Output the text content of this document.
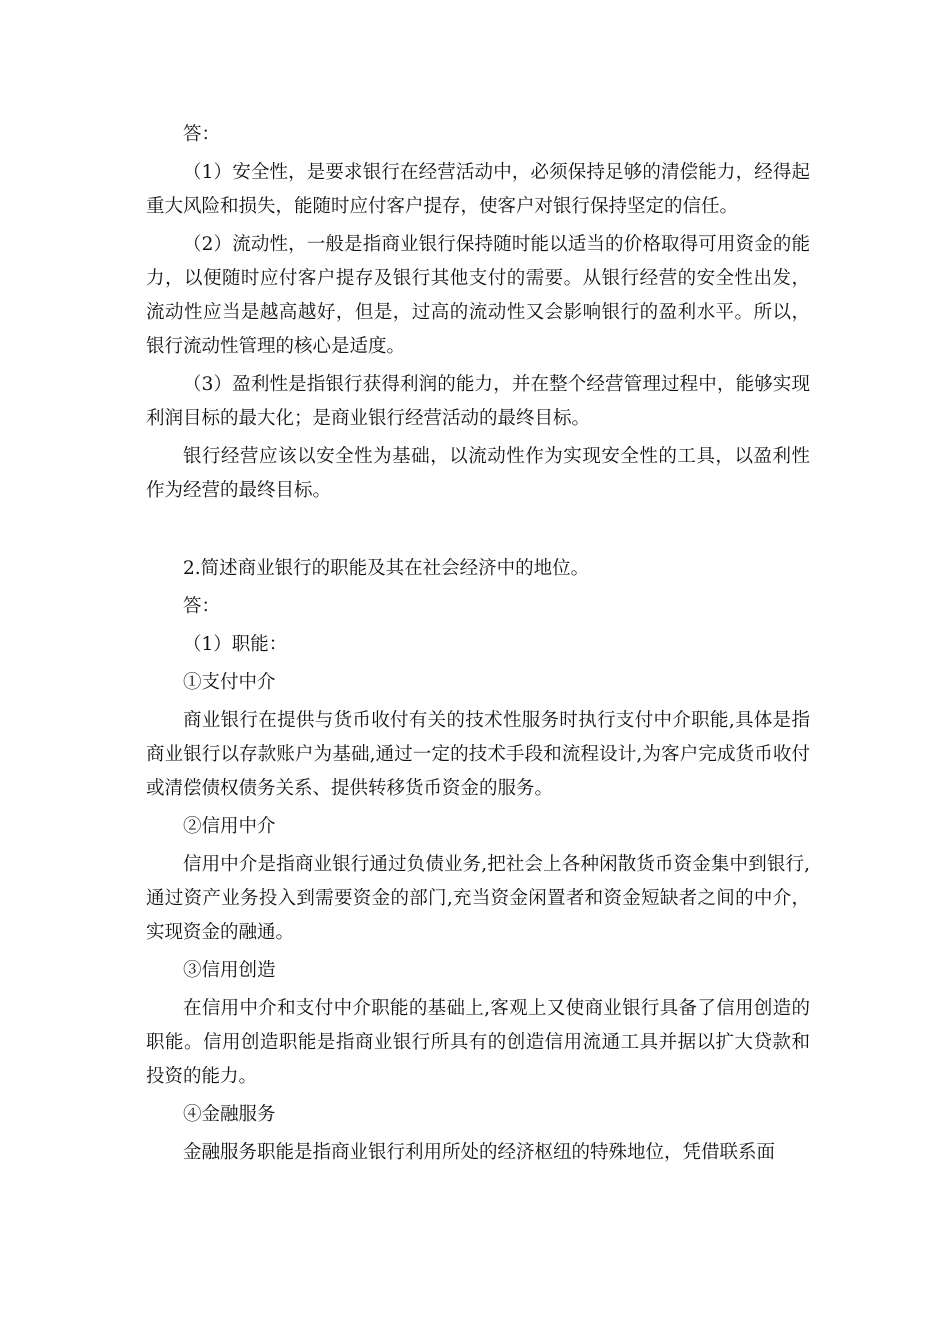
答：

（1）安全性，是要求银行在经营活动中，必须保持足够的清偿能力，经得起重大风险和损失，能随时应付客户提存，使客户对银行保持坚定的信任。

（2）流动性，一般是指商业银行保持随时能以适当的价格取得可用资金的能力，以便随时应付客户提存及银行其他支付的需要。从银行经营的安全性出发，流动性应当是越高越好，但是，过高的流动性又会影响银行的盈利水平。所以，银行流动性管理的核心是适度。

（3）盈利性是指银行获得利润的能力，并在整个经营管理过程中，能够实现利润目标的最大化；是商业银行经营活动的最终目标。

银行经营应该以安全性为基础，以流动性作为实现安全性的工具，以盈利性作为经营的最终目标。

2.简述商业银行的职能及其在社会经济中的地位。

答：

（1）职能：

①支付中介

商业银行在提供与货币收付有关的技术性服务时执行支付中介职能,具体是指商业银行以存款账户为基础,通过一定的技术手段和流程设计,为客户完成货币收付或清偿债权债务关系、提供转移货币资金的服务。

②信用中介

信用中介是指商业银行通过负债业务,把社会上各种闲散货币资金集中到银行,通过资产业务投入到需要资金的部门,充当资金闲置者和资金短缺者之间的中介，实现资金的融通。

③信用创造

在信用中介和支付中介职能的基础上,客观上又使商业银行具备了信用创造的职能。信用创造职能是指商业银行所具有的创造信用流通工具并据以扩大贷款和投资的能力。

④金融服务

金融服务职能是指商业银行利用所处的经济枢纽的特殊地位，凭借联系面
